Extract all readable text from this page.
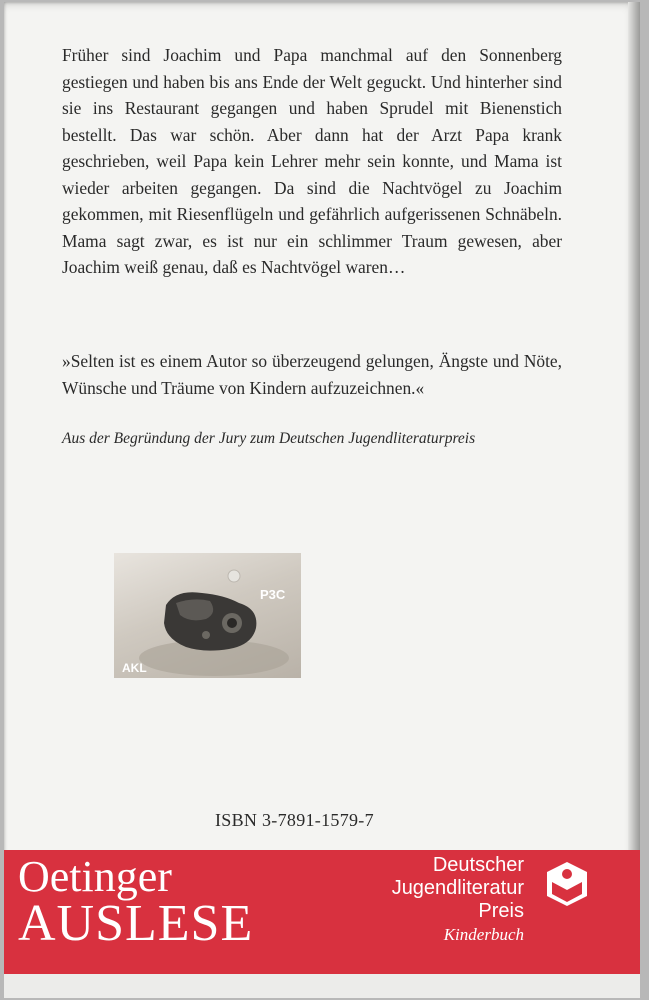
Früher sind Joachim und Papa manchmal auf den Sonnenberg gestiegen und haben bis ans Ende der Welt geguckt. Und hinterher sind sie ins Restaurant gegangen und haben Sprudel mit Bienenstich bestellt. Das war schön. Aber dann hat der Arzt Papa krank geschrieben, weil Papa kein Lehrer mehr sein konnte, und Mama ist wieder arbeiten gegangen. Da sind die Nachtvögel zu Joachim gekommen, mit Riesenflügeln und gefährlich aufgerissenen Schnäbeln. Mama sagt zwar, es ist nur ein schlimmer Traum gewesen, aber Joachim weiß genau, daß es Nachtvögel waren…

»Selten ist es einem Autor so überzeugend gelungen, Ängste und Nöte, Wünsche und Träume von Kindern aufzuzeichnen.«

Aus der Begründung der Jury zum Deutschen Jugendliteraturpreis

P3C
AKL
ISBN 3-7891-1579-7
Oetinger
AUSLESE
Deutscher
Jugendliteratur
Preis
Kinderbuch
